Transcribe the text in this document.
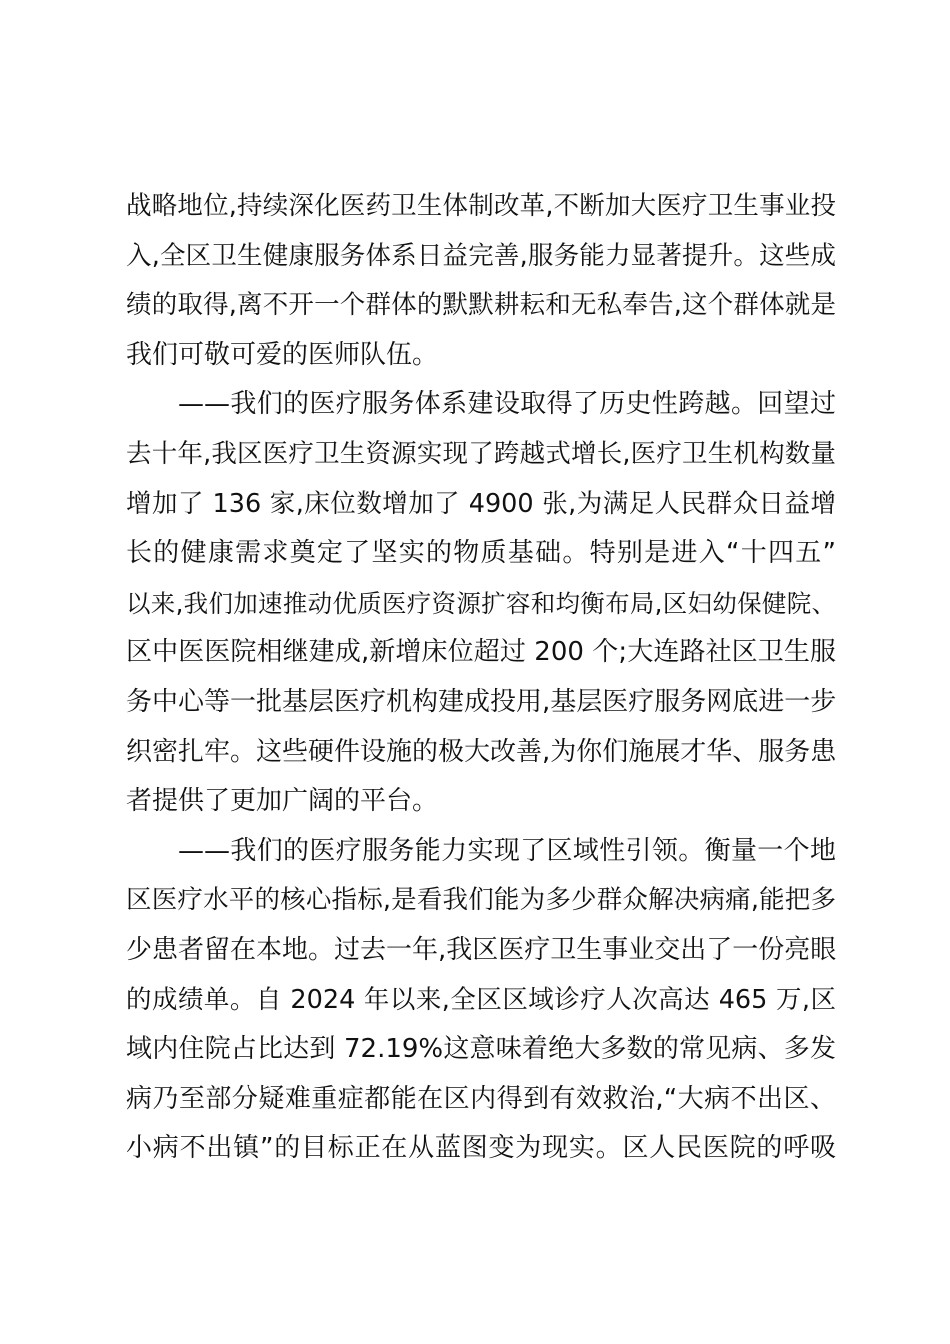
战略地位,持续深化医药卫生体制改革,不断加大医疗卫生事业投
入,全区卫生健康服务体系日益完善,服务能力显著提升。这些成
绩的取得,离不开一个群体的默默耕耘和无私奉告,这个群体就是
我们可敬可爱的医师队伍。
——我们的医疗服务体系建设取得了历史性跨越。回望过
去十年,我区医疗卫生资源实现了跨越式增长,医疗卫生机构数量
增加了 136 家,床位数增加了 4900 张,为满足人民群众日益增
长的健康需求奠定了坚实的物质基础。特别是进入“十四五”
以来,我们加速推动优质医疗资源扩容和均衡布局,区妇幼保健院、
区中医医院相继建成,新增床位超过 200 个;大连路社区卫生服
务中心等一批基层医疗机构建成投用,基层医疗服务网底进一步
织密扎牢。这些硬件设施的极大改善,为你们施展才华、服务患
者提供了更加广阔的平台。
——我们的医疗服务能力实现了区域性引领。衡量一个地
区医疗水平的核心指标,是看我们能为多少群众解决病痛,能把多
少患者留在本地。过去一年,我区医疗卫生事业交出了一份亮眼
的成绩单。自 2024 年以来,全区区域诊疗人次高达 465 万,区
域内住院占比达到 72.19%这意味着绝大多数的常见病、多发
病乃至部分疑难重症都能在区内得到有效救治,“大病不出区、
小病不出镇”的目标正在从蓝图变为现实。区人民医院的呼吸
